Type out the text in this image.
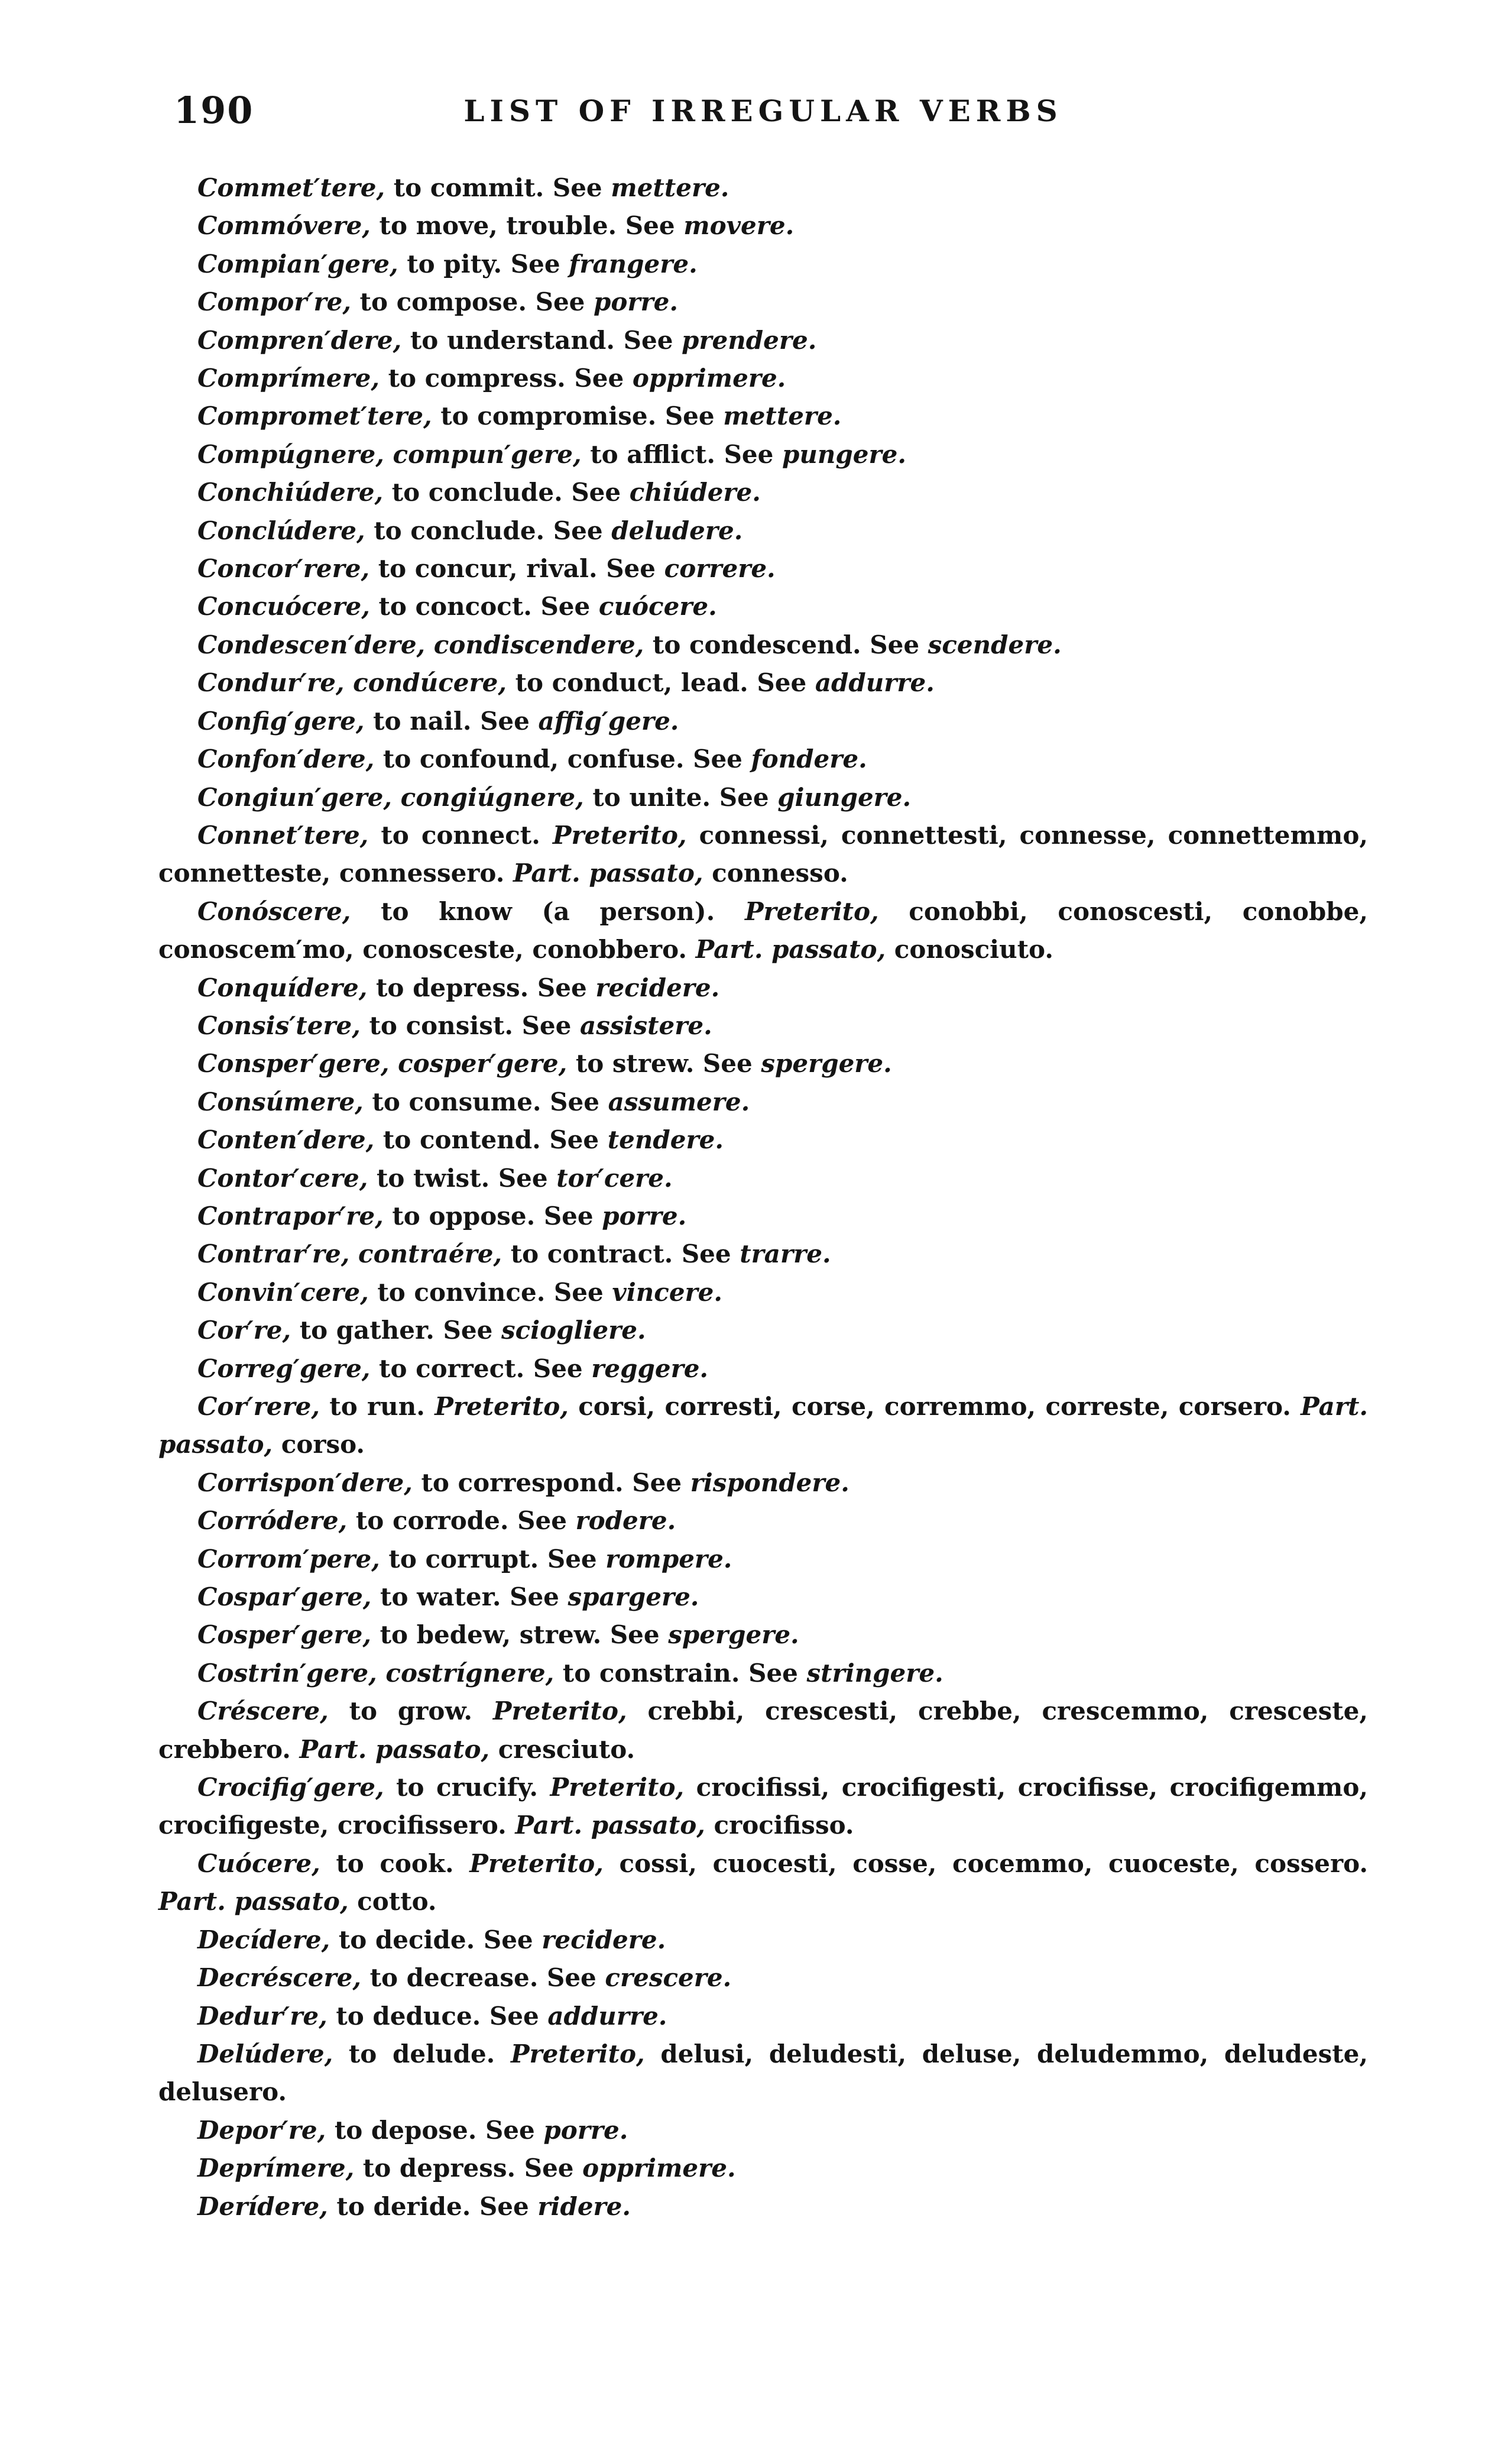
190	LIST OF IRREGULAR VERBS

Commet′tere, to commit. See mettere.

Commóvere, to move, trouble. See movere.

Compian′gere, to pity. See frangere.

Compor′re, to compose. See porre.

Compren′dere, to understand. See prendere.

Comprímere, to compress. See opprimere.

Compromet′tere, to compromise. See mettere.

Compúgnere, compun′gere, to afflict. See pungere.

Conchiúdere, to conclude. See chiúdere.

Conclúdere, to conclude. See deludere.

Concor′rere, to concur, rival. See correre.

Concuócere, to concoct. See cuócere.

Condescen′dere, condiscendere, to condescend. See scendere.

Condur′re, condúcere, to conduct, lead. See addurre.

Config′gere, to nail. See affig′gere.

Confon′dere, to confound, confuse. See fondere.

Congiun′gere, congiúgnere, to unite. See giungere.

Connet′tere, to connect. Preterito, connessi, connettesti, connesse, connettemmo, connetteste, connessero. Part. passato, connesso.

Conóscere, to know (a person). Preterito, conobbi, conoscesti, conobbe, conoscem′mo, conosceste, conobbero. Part. passato, conosciuto.

Conquídere, to depress. See recidere.

Consis′tere, to consist. See assistere.

Consper′gere, cosper′gere, to strew. See spergere.

Consúmere, to consume. See assumere.

Conten′dere, to contend. See tendere.

Contor′cere, to twist. See tor′cere.

Contrapor′re, to oppose. See porre.

Contrar′re, contraére, to contract. See trarre.

Convin′cere, to convince. See vincere.

Cor′re, to gather. See sciogliere.

Correg′gere, to correct. See reggere.

Cor′rere, to run. Preterito, corsi, corresti, corse, corremmo, correste, corsero. Part. passato, corso.

Corrispon′dere, to correspond. See rispondere.

Corródere, to corrode. See rodere.

Corrom′pere, to corrupt. See rompere.

Cospar′gere, to water. See spargere.

Cosper′gere, to bedew, strew. See spergere.

Costrin′gere, costrígnere, to constrain. See stringere.

Créscere, to grow. Preterito, crebbi, crescesti, crebbe, crescemmo, cresceste, crebbero. Part. passato, cresciuto.

Crocifig′gere, to crucify. Preterito, crocifissi, crocifigesti, crocifisse, crocifigemmo, crocifigeste, crocifissero. Part. passato, crocifisso.

Cuócere, to cook. Preterito, cossi, cuocesti, cosse, cocemmo, cuoceste, cossero. Part. passato, cotto.

Decídere, to decide. See recidere.

Decréscere, to decrease. See crescere.

Dedur′re, to deduce. See addurre.

Delúdere, to delude. Preterito, delusi, deludesti, deluse, deludemmo, deludeste, delusero.

Depor′re, to depose. See porre.

Deprímere, to depress. See opprimere.

Derídere, to deride. See ridere.
